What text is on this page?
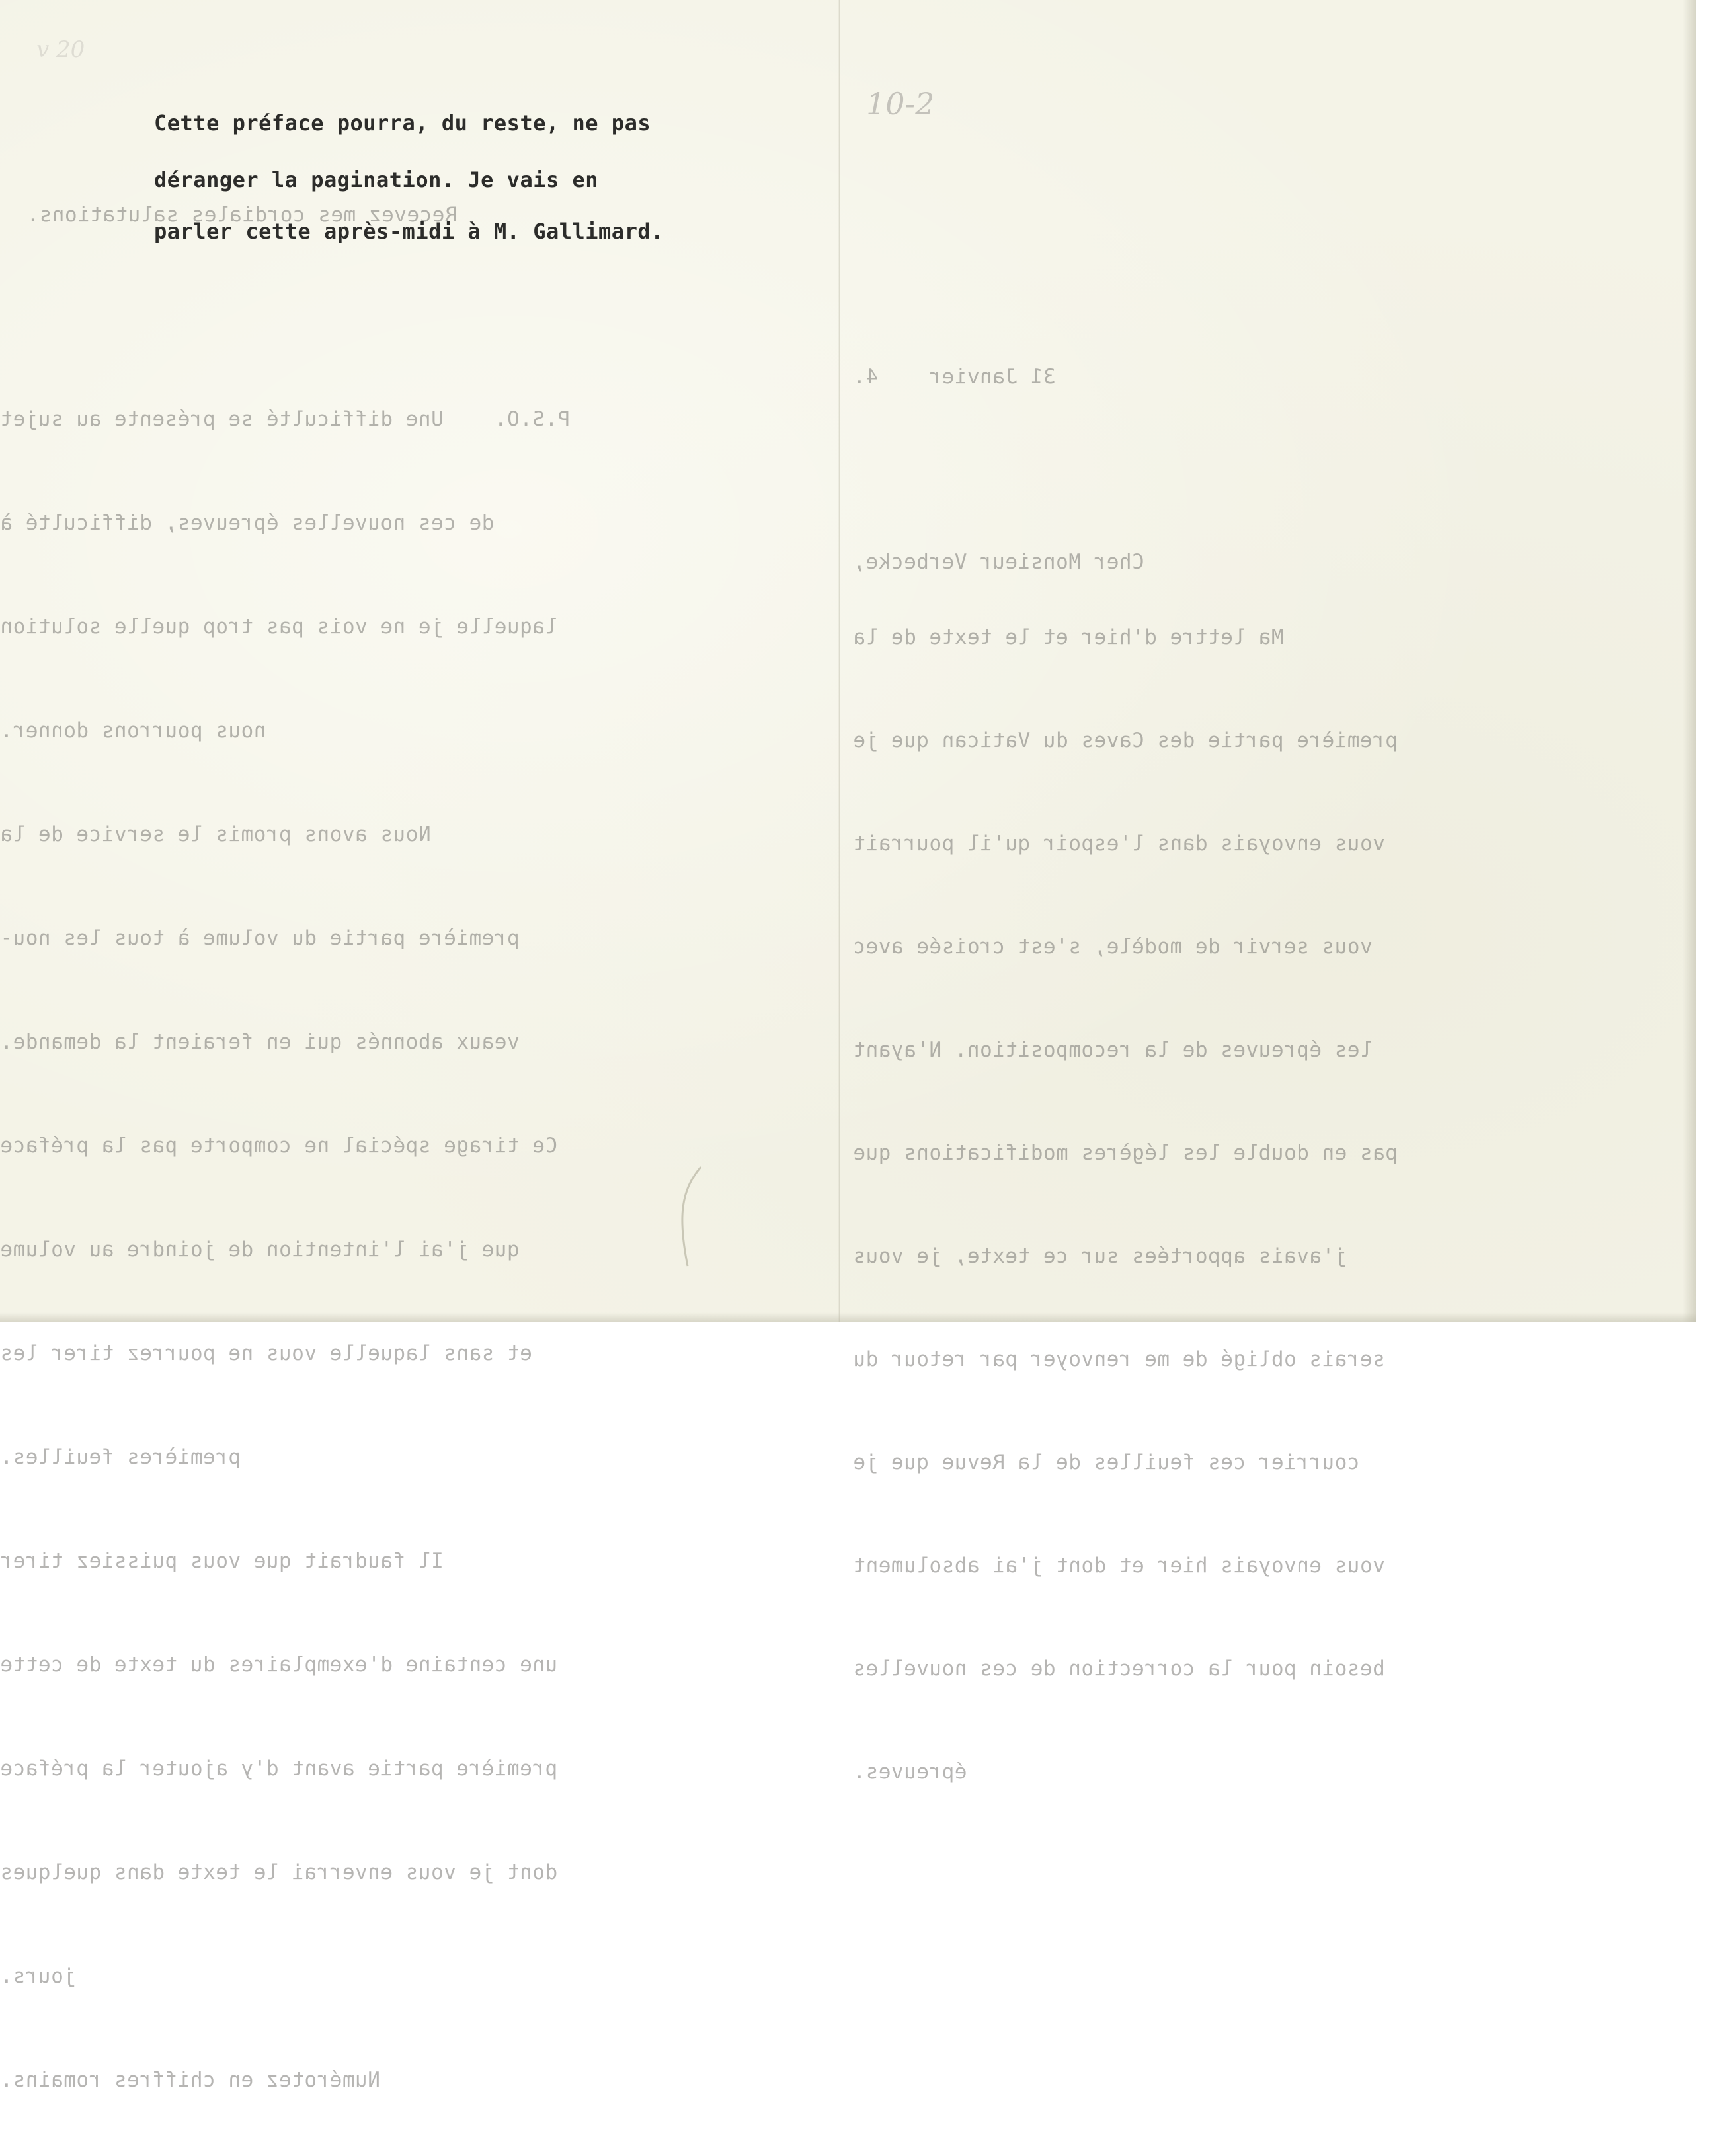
10-2
v 20

Recevez mes cordiales salutations.

P.S.O.    Une difficulté se présente au sujet

de ces nouvelles épreuves, difficulté à

laquelle je ne vois pas trop quelle solution

nous pourrons donner.

Nous avons promis le service de la

première partie du volume à tous les nou-

veaux abonnés qui en feraient la demande.

Ce tirage spécial ne comporte pas la préface

que j'ai l'intention de joindre au volume

et sans laquelle vous ne pourrez tirer les

premières feuilles.

Il faudrait que vous puissiez tirer

une centaine d'exemplaires du texte de cette

première partie avant d'y ajouter la préface

dont je vous enverrai le texte dans quelques

jours.

Numérotez en chiffres romains.

31 Janvier    4.

Cher Monsieur Verbecke,

Ma lettre d'hier et le texte de la

première partie des Caves du Vatican que je

vous envoyais dans l'espoir qu'il pourrait

vous servir de modèle, s'est croisée avec

les épreuves de la recomposition. N'ayant

pas en double les légères modifications que

j'avais apportées sur ce texte, je vous

serais obligé de me renvoyer par retour du

courrier ces feuilles de la Revue que je

vous envoyais hier et dont j'ai absolument

besoin pour la correction de ces nouvelles

épreuves.

Cette préface pourra, du reste, ne pas

déranger la pagination. Je vais en

parler cette après-midi à M. Gallimard.
